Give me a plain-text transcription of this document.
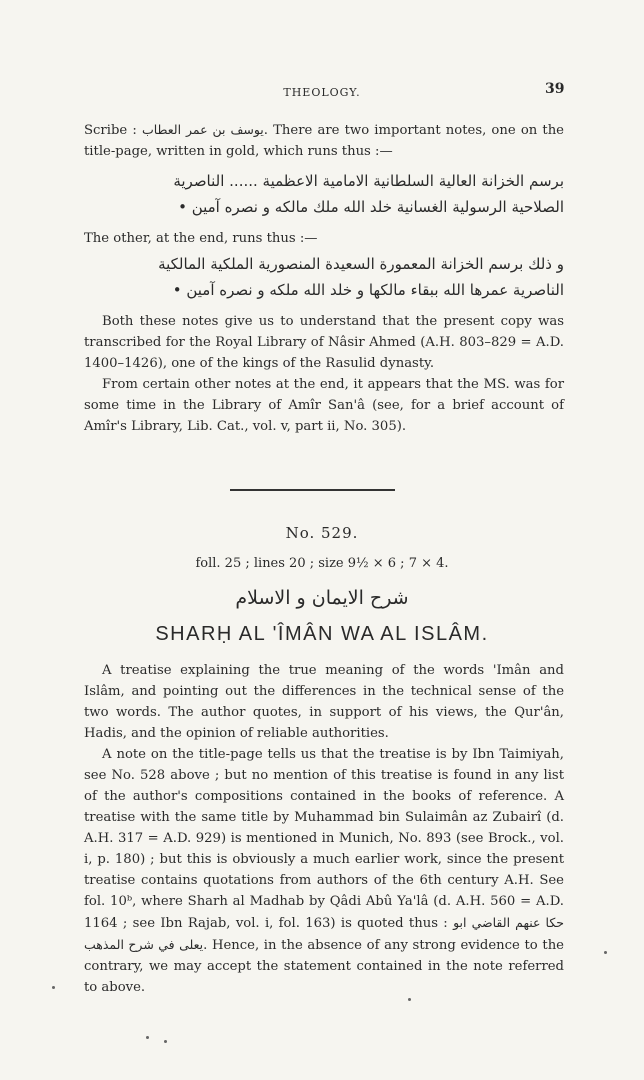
THEOLOGY.	39
Scribe : يوسف بن عمر العطاب. There are two important notes, one on the title-page, written in gold, which runs thus :—
برسم الخزانة العالية السلطانية الامامية الاعظمية ...... الناصرية
الصلاحية الرسولية الغسانية خلد الله ملك مالكه و نصره آمين •
The other, at the end, runs thus :—
و ذلك برسم الخزانة المعمورة السعيدة المنصورية الملكية المالكية
الناصرية عمرها الله ببقاء مالكها و خلد الله ملكه و نصره آمين •
Both these notes give us to understand that the present copy was transcribed for the Royal Library of Nâsir Ahmed (A.H. 803–829 = A.D. 1400–1426), one of the kings of the Rasulid dynasty.
From certain other notes at the end, it appears that the MS. was for some time in the Library of Amîr San'â (see, for a brief account of Amîr's Library, Lib. Cat., vol. v, part ii, No. 305).
No. 529.
foll. 25 ; lines 20 ; size 9½ × 6 ; 7 × 4.
شرح الايمان و الاسلام
SHARḤ AL 'ÎMÂN WA AL ISLÂM.
A treatise explaining the true meaning of the words 'Imân and Islâm, and pointing out the differences in the technical sense of the two words. The author quotes, in support of his views, the Qur'ân, Hadis, and the opinion of reliable authorities.
A note on the title-page tells us that the treatise is by Ibn Taimiyah, see No. 528 above ; but no mention of this treatise is found in any list of the author's compositions contained in the books of reference. A treatise with the same title by Muhammad bin Sulaimân az Zubairî (d. A.H. 317 = A.D. 929) is mentioned in Munich, No. 893 (see Brock., vol. i, p. 180) ; but this is obviously a much earlier work, since the present treatise contains quotations from authors of the 6th century A.H. See fol. 10ᵇ, where Sharh al Madhab by Qâdi Abû Ya'lâ (d. A.H. 560 = A.D. 1164 ; see Ibn Rajab, vol. i, fol. 163) is quoted thus : حكا عنهم القاضي ابو يعلى في شرح المذهب. Hence, in the absence of any strong evidence to the contrary, we may accept the statement contained in the note referred to above.
